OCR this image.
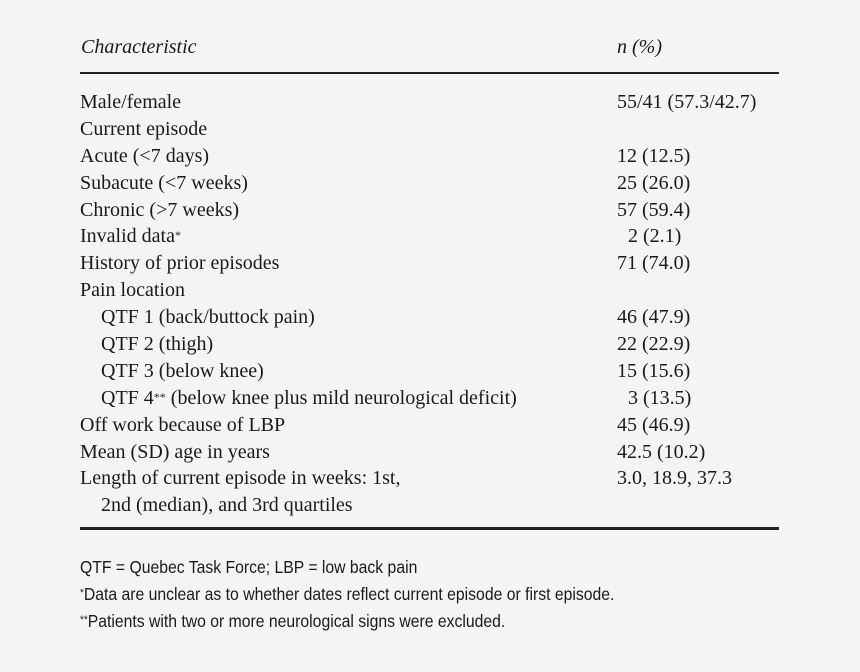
Characteristic	n (%)
Male/female	55/41 (57.3/42.7)
Current episode
Acute (<7 days)	12 (12.5)
Subacute (<7 weeks)	25 (26.0)
Chronic (>7 weeks)	57 (59.4)
Invalid data*	2 (2.1)
History of prior episodes	71 (74.0)
Pain location
QTF 1 (back/buttock pain)	46 (47.9)
QTF 2 (thigh)	22 (22.9)
QTF 3 (below knee)	15 (15.6)
QTF 4** (below knee plus mild neurological deficit)	3 (13.5)
Off work because of LBP	45 (46.9)
Mean (SD) age in years	42.5 (10.2)
Length of current episode in weeks: 1st,	3.0, 18.9, 37.3
2nd (median), and 3rd quartiles
QTF = Quebec Task Force; LBP = low back pain
*Data are unclear as to whether dates reflect current episode or first episode.
**Patients with two or more neurological signs were excluded.
